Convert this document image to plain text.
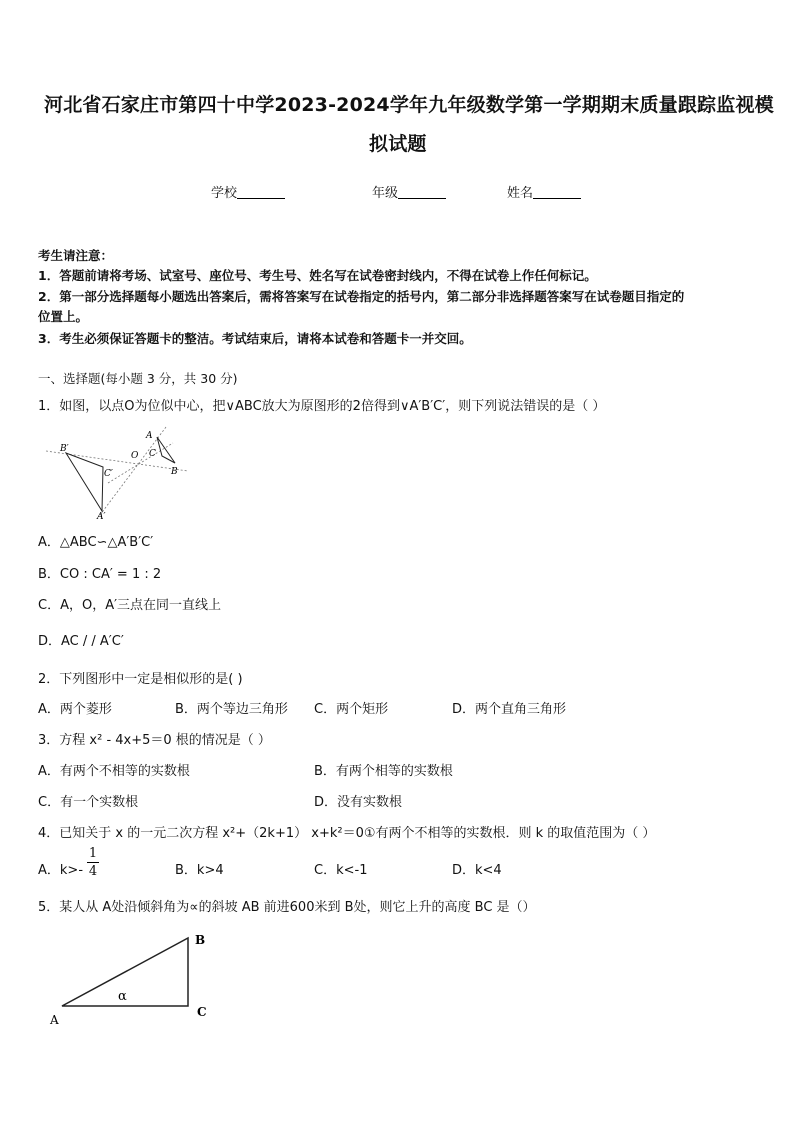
河北省石家庄市第四十中学2023-2024学年九年级数学第一学期期末质量跟踪监视模
拟试题
学校	年级	姓名
考生请注意：
1．答题前请将考场、试室号、座位号、考生号、姓名写在试卷密封线内，不得在试卷上作任何标记。
2．第一部分选择题每小题选出答案后，需将答案写在试卷指定的括号内，第二部分非选择题答案写在试卷题目指定的
位置上。
3．考生必须保证答题卡的整洁。考试结束后，请将本试卷和答题卡一并交回。
一、选择题(每小题 3 分，共 30 分)
1．如图，以点O为位似中心，把∨ABC放大为原图形的2倍得到∨A′B′C′，则下列说法错误的是（ ）
B′
C′
A′
O
A
C
B
A．△ABC∽△A′B′C′
B．CO : CA′ = 1 : 2
C．A，O，A′三点在同一直线上
D．AC / / A′C′
2．下列图形中一定是相似形的是( )
A．两个菱形	B．两个等边三角形 C．两个矩形	D．两个直角三角形
3．方程 x² - 4x+5＝0 根的情况是（ ）
A．有两个不相等的实数根	B．有两个相等的实数根
C．有一个实数根	D．没有实数根
4．已知关于 x 的一元二次方程 x²+（2k+1） x+k²＝0①有两个不相等的实数根．则 k 的取值范围为（ ）
A．k>-
1
4	B．k>4	C．k<-1	D．k<4
5．某人从 A处沿倾斜角为∝的斜坡 AB 前进600米到 B处，则它上升的高度 BC 是（）
A
B
C
α
